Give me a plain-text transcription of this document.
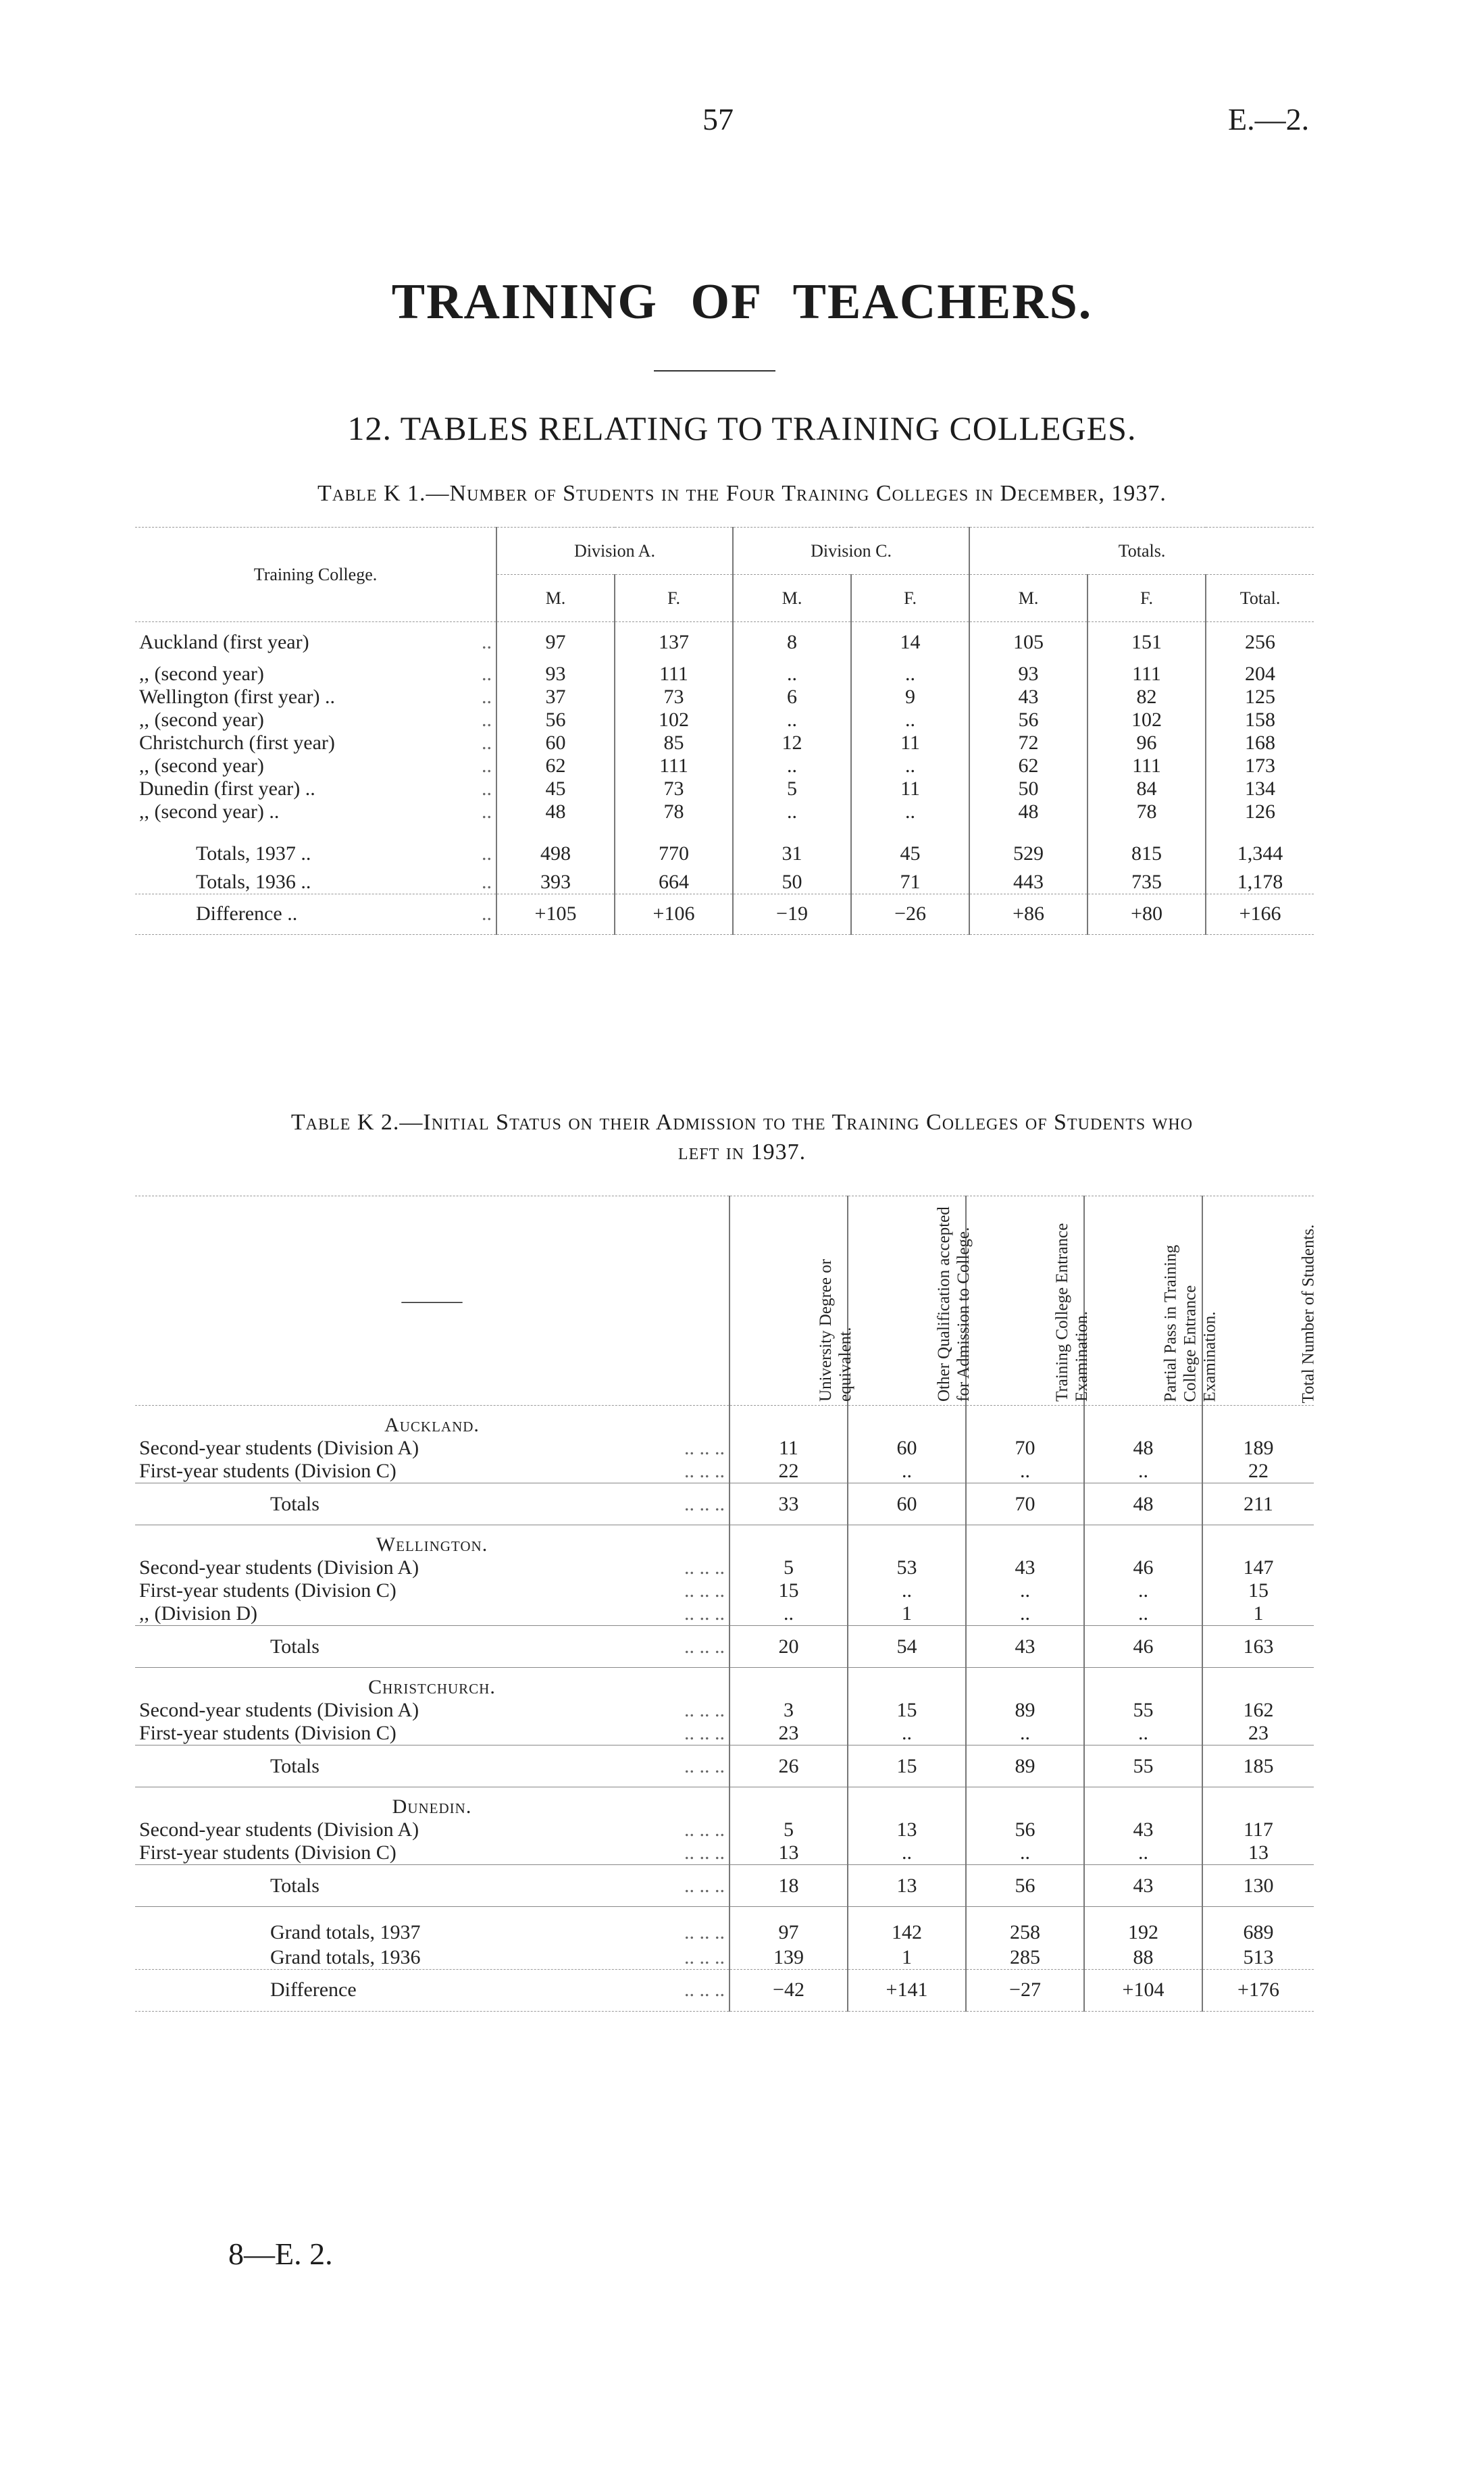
57	E.—2.
TRAINING OF TEACHERS.
12. TABLES RELATING TO TRAINING COLLEGES.
Table K 1.—Number of Students in the Four Training Colleges in December, 1937.
Training College.	Division A.		Division C.		Totals.		
	M.	F.	M.	F.	M.	F.	Total.
Auckland (first year) ..	97	137	8	14	105	151	256
,, (second year) ..	93	111	..	..	93	111	204
Wellington (first year) .. ..	37	73	6	9	43	82	125
,, (second year) ..	56	102	..	..	56	102	158
Christchurch (first year) ..	60	85	12	11	72	96	168
,, (second year) ..	62	111	..	..	62	111	173
Dunedin (first year) .. ..	45	73	5	11	50	84	134
,, (second year) .. ..	48	78	..	..	48	78	126
Totals, 1937 .. ..	498	770	31	45	529	815	1,344
Totals, 1936 .. ..	393	664	50	71	443	735	1,178
Difference .. ..	+105	+106	−19	−26	+86	+80	+166
Table K 2.—Initial Status on their Admission to the Training Colleges of Students who
left in 1937.
———	University Degree or equivalent.	Other Qualification accepted for Admission to College.	Training College Entrance Examination.	Partial Pass in Training College Entrance Examination.	Total Number of Students.
Auckland.					
Second-year students (Division A) .. .. ..	11	60	70	48	189
First-year students (Division C) .. .. ..	22	..	..	..	22
Totals .. .. ..	33	60	70	48	211
Wellington.					
Second-year students (Division A) .. .. ..	5	53	43	46	147
First-year students (Division C) .. .. ..	15	..	..	..	15
,, (Division D) .. .. ..	..	1	..	..	1
Totals .. .. ..	20	54	43	46	163
Christchurch.					
Second-year students (Division A) .. .. ..	3	15	89	55	162
First-year students (Division C) .. .. ..	23	..	..	..	23
Totals .. .. ..	26	15	89	55	185
Dunedin.					
Second-year students (Division A) .. .. ..	5	13	56	43	117
First-year students (Division C) .. .. ..	13	..	..	..	13
Totals .. .. ..	18	13	56	43	130
Grand totals, 1937 .. .. ..	97	142	258	192	689
Grand totals, 1936 .. .. ..	139	1	285	88	513
Difference .. .. ..	−42	+141	−27	+104	+176
8—E. 2.
